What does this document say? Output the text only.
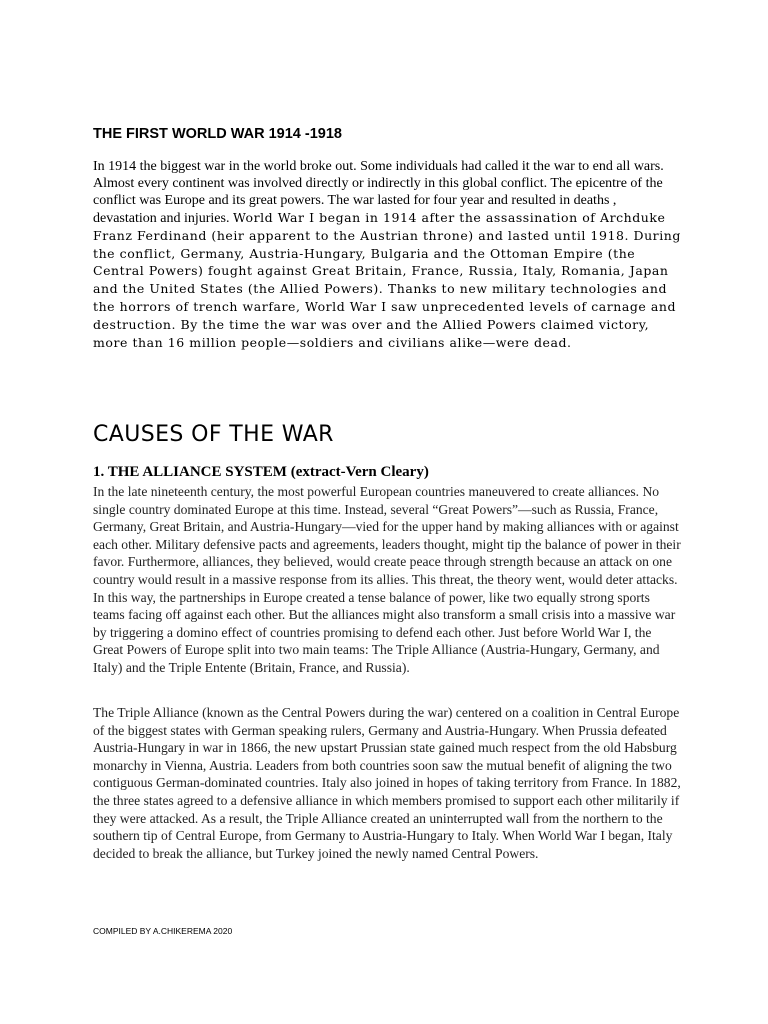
THE FIRST WORLD WAR 1914 -1918

In 1914 the biggest war in the world broke out. Some individuals had called it the war to end all wars. Almost every continent was involved directly or indirectly in this global conflict. The epicentre of the conflict was Europe and its great powers. The war lasted for four year and resulted in deaths , devastation and injuries. World War I began in 1914 after the assassination of Archduke Franz Ferdinand (heir apparent to the Austrian throne) and lasted until 1918. During the conflict, Germany, Austria-Hungary, Bulgaria and the Ottoman Empire (the Central Powers) fought against Great Britain, France, Russia, Italy, Romania, Japan and the United States (the Allied Powers). Thanks to new military technologies and the horrors of trench warfare, World War I saw unprecedented levels of carnage and destruction. By the time the war was over and the Allied Powers claimed victory, more than 16 million people—soldiers and civilians alike—were dead.

CAUSES OF THE WAR
1. THE ALLIANCE SYSTEM (extract-Vern Cleary)

In the late nineteenth century, the most powerful European countries maneuvered to create alliances. No single country dominated Europe at this time. Instead, several “Great Powers”—such as Russia, France, Germany, Great Britain, and Austria-Hungary—vied for the upper hand by making alliances with or against each other. Military defensive pacts and agreements, leaders thought, might tip the balance of power in their favor. Furthermore, alliances, they believed, would create peace through strength because an attack on one country would result in a massive response from its allies. This threat, the theory went, would deter attacks. In this way, the partnerships in Europe created a tense balance of power, like two equally strong sports teams facing off against each other. But the alliances might also transform a small crisis into a massive war by triggering a domino effect of countries promising to defend each other. Just before World War I, the Great Powers of Europe split into two main teams: The Triple Alliance (Austria-Hungary, Germany, and Italy) and the Triple Entente (Britain, France, and Russia).

The Triple Alliance (known as the Central Powers during the war) centered on a coalition in Central Europe of the biggest states with German speaking rulers, Germany and Austria-Hungary. When Prussia defeated Austria-Hungary in war in 1866, the new upstart Prussian state gained much respect from the old Habsburg monarchy in Vienna, Austria. Leaders from both countries soon saw the mutual benefit of aligning the two contiguous German-dominated countries. Italy also joined in hopes of taking territory from France. In 1882, the three states agreed to a defensive alliance in which members promised to support each other militarily if they were attacked. As a result, the Triple Alliance created an uninterrupted wall from the northern to the southern tip of Central Europe, from Germany to Austria-Hungary to Italy. When World War I began, Italy decided to break the alliance, but Turkey joined the newly named Central Powers.

COMPILED BY A.CHIKEREMA 2020
